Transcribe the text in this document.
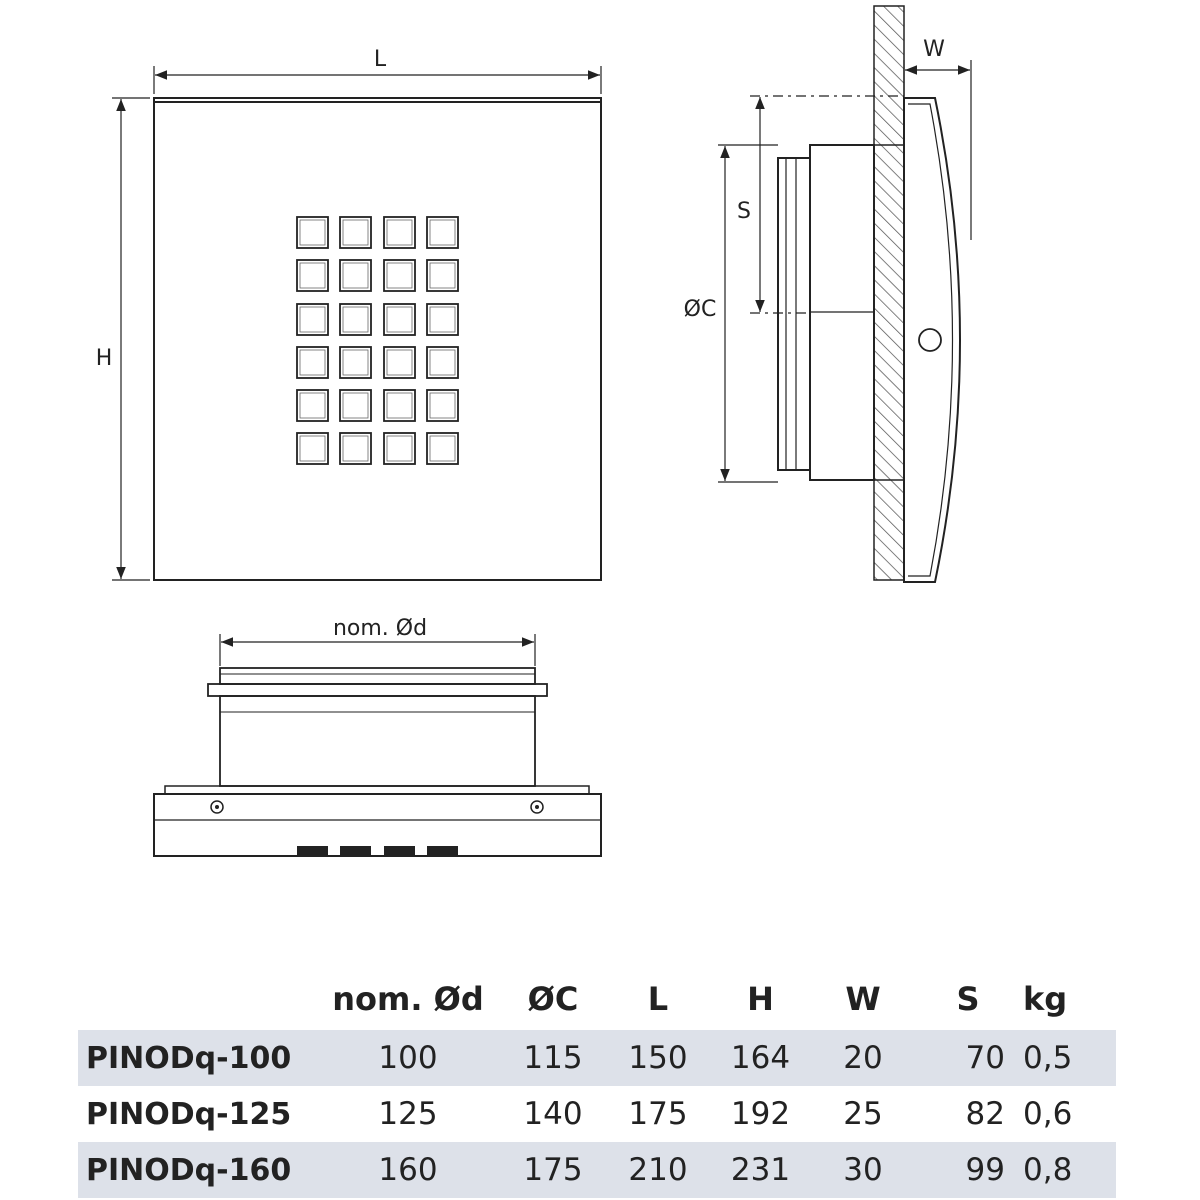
L
H
S
ØC
W
nom. Ød
	nom. Ød	ØC	L	H	W	S	kg
PINODq-100	100	115	150	164	20	70	0,5
PINODq-125	125	140	175	192	25	82	0,6
PINODq-160	160	175	210	231	30	99	0,8
